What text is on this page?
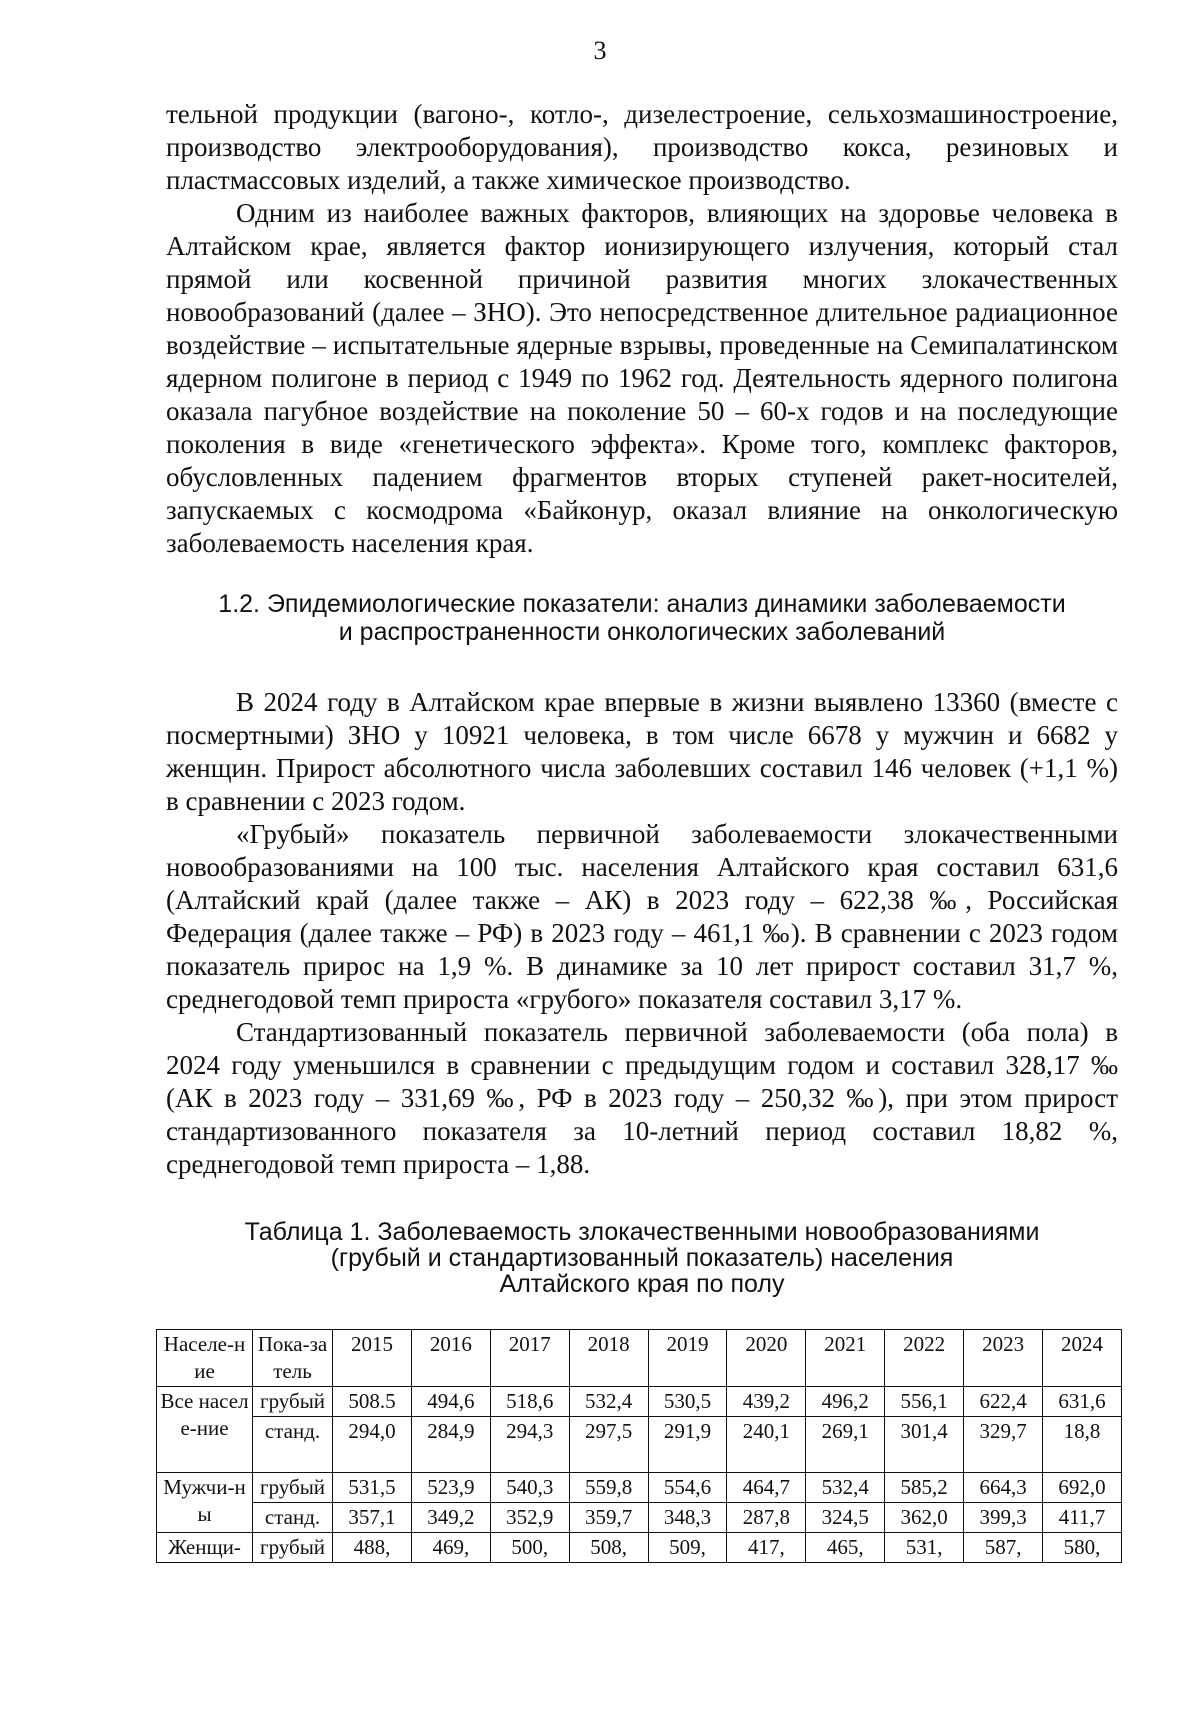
3

тельной продукции (вагоно-, котло-, дизелестроение, сельхозмашиностроение, производство электрооборудования), производство кокса, резиновых и пластмассовых изделий, а также химическое производство.

Одним из наиболее важных факторов, влияющих на здоровье человека в Алтайском крае, является фактор ионизирующего излучения, который стал прямой или косвенной причиной развития многих злокачественных новообразований (далее – ЗНО). Это непосредственное длительное радиационное воздействие – испытательные ядерные взрывы, проведенные на Семипалатинском ядерном полигоне в период с 1949 по 1962 год. Деятельность ядерного полигона оказала пагубное воздействие на поколение 50 – 60-х годов и на последующие поколения в виде «генетического эффекта». Кроме того, комплекс факторов, обусловленных падением фрагментов вторых ступеней ракет-носителей, запускаемых с космодрома «Байконур, оказал влияние на онкологическую заболеваемость населения края.

1.2. Эпидемиологические показатели: анализ динамики заболеваемости
и распространенности онкологических заболеваний

В 2024 году в Алтайском крае впервые в жизни выявлено 13360 (вместе с посмертными) ЗНО у 10921 человека, в том числе 6678 у мужчин и 6682 у женщин. Прирост абсолютного числа заболевших составил 146 человек (+1,1 %) в сравнении с 2023 годом.

«Грубый» показатель первичной заболеваемости злокачественными новообразованиями на 100 тыс. населения Алтайского края составил 631,6 (Алтайский край (далее также – АК) в 2023 году – 622,38 ‰, Российская Федерация (далее также – РФ) в 2023 году – 461,1 ‰). В сравнении с 2023 годом показатель прирос на 1,9 %. В динамике за 10 лет прирост составил 31,7 %, среднегодовой темп прироста «грубого» показателя составил 3,17 %.

Стандартизованный показатель первичной заболеваемости (оба пола) в 2024 году уменьшился в сравнении с предыдущим годом и составил 328,17 ‰ (АК в 2023 году – 331,69 ‰, РФ в 2023 году – 250,32 ‰), при этом прирост стандартизованного показателя за 10-летний период составил 18,82 %, среднегодовой темп прироста – 1,88.

Таблица 1. Заболеваемость злокачественными новообразованиями
(грубый и стандартизованный показатель) населения
Алтайского края по полу
Населе-ние	Пока-затель	2015	2016	2017	2018	2019	2020	2021	2022	2023	2024
Все населе-ние	грубый	508.5	494,6	518,6	532,4	530,5	439,2	496,2	556,1	622,4	631,6
	станд.	294,0	284,9	294,3	297,5	291,9	240,1	269,1	301,4	329,7	18,8
Мужчи-ны	грубый	531,5	523,9	540,3	559,8	554,6	464,7	532,4	585,2	664,3	692,0
	станд.	357,1	349,2	352,9	359,7	348,3	287,8	324,5	362,0	399,3	411,7
Женщи-	грубый	488,	469,	500,	508,	509,	417,	465,	531,	587,	580,
